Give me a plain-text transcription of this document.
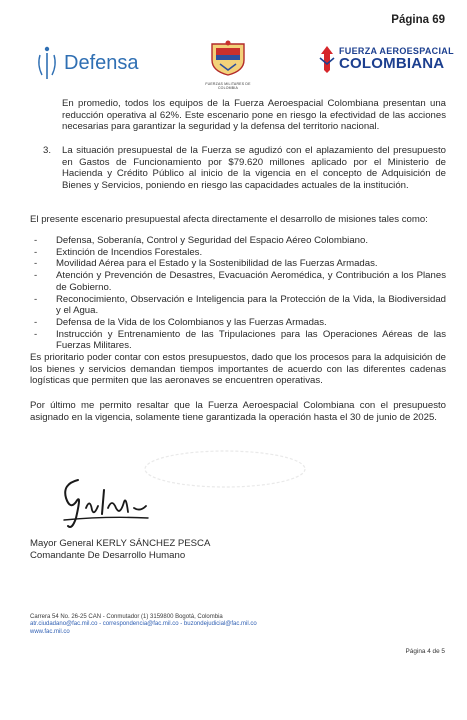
Página 69
Defensa
FUERZAS MILITARES DE COLOMBIA
FUERZA AEROESPACIAL
COLOMBIANA

En promedio, todos los equipos de la Fuerza Aeroespacial Colombiana presentan una reducción operativa al 62%. Este escenario pone en riesgo la efectividad de las acciones necesarias para garantizar la seguridad y la defensa del territorio nacional.

3. La situación presupuestal de la Fuerza se agudizó con el aplazamiento del presupuesto en Gastos de Funcionamiento por $79.620 millones aplicado por el Ministerio de Hacienda y Crédito Público al inicio de la vigencia en el concepto de Adquisición de Bienes y Servicios, poniendo en riesgo las capacidades actuales de la institución.

El presente escenario presupuestal afecta directamente el desarrollo de misiones tales como:

- Defensa, Soberanía, Control y Seguridad del Espacio Aéreo Colombiano.
- Extinción de Incendios Forestales.
- Movilidad Aérea para el Estado y la Sostenibilidad de las Fuerzas Armadas.
- Atención y Prevención de Desastres, Evacuación Aeromédica, y Contribución a los Planes de Gobierno.
- Reconocimiento, Observación e Inteligencia para la Protección de la Vida, la Biodiversidad y el Agua.
- Defensa de la Vida de los Colombianos y las Fuerzas Armadas.
- Instrucción y Entrenamiento de las Tripulaciones para las Operaciones Aéreas de las Fuerzas Militares.

Es prioritario poder contar con estos presupuestos, dado que los procesos para la adquisición de los bienes y servicios demandan tiempos importantes de acuerdo con las diferentes cadenas logísticas que permiten que las aeronaves se encuentren operativas.

Por último me permito resaltar que la Fuerza Aeroespacial Colombiana con el presupuesto asignado en la vigencia, solamente tiene garantizada la operación hasta el 30 de junio de 2025.

Mayor General KERLY SÁNCHEZ PESCA
Comandante De Desarrollo Humano
Carrera 54 No. 26-25 CAN - Conmutador (1) 3159800 Bogotá, Colombia
atr.ciudadano@fac.mil.co - correspondencia@fac.mil.co - buzondejudicial@fac.mil.co
www.fac.mil.co
Página 4 de 5
